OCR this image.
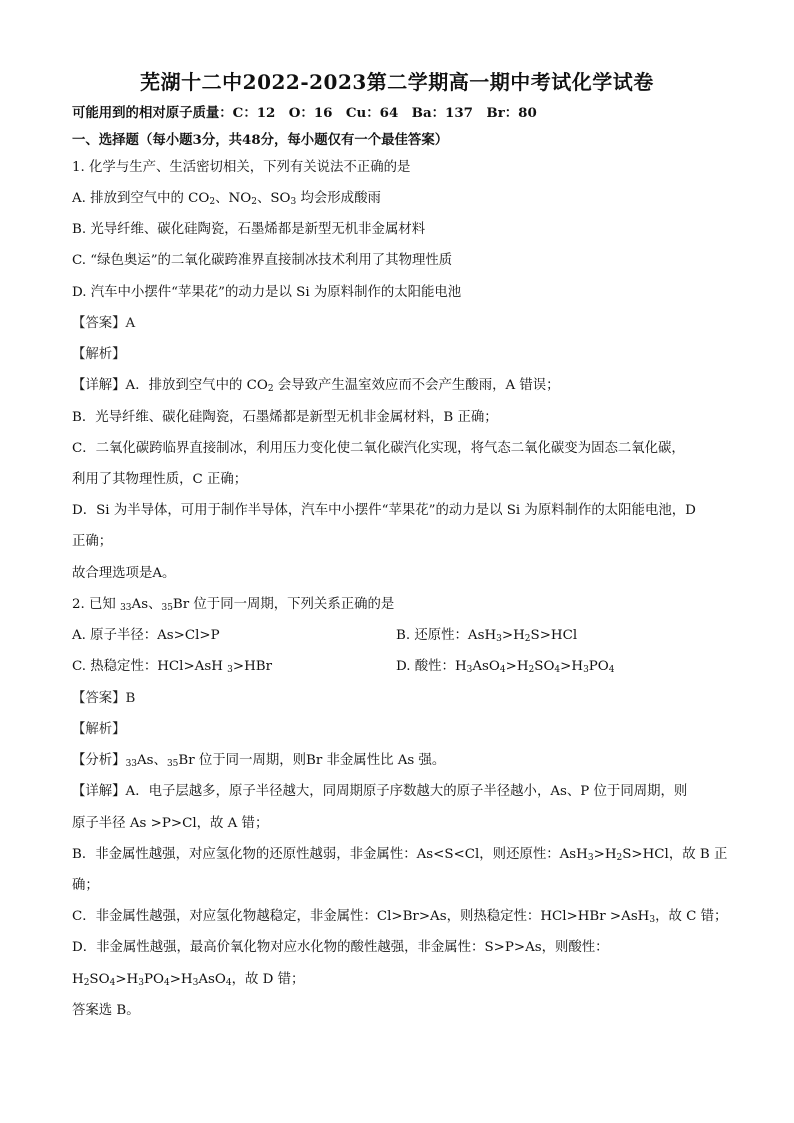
芜湖十二中2022-2023第二学期高一期中考试化学试卷
可能用到的相对原子质量：C：12　O：16　Cu：64　Ba：137　Br：80
一、选择题（每小题3分，共48分，每小题仅有一个最佳答案）
1. 化学与生产、生活密切相关，下列有关说法不正确的是
A. 排放到空气中的 $CO_2$、$NO_2$、$SO_3$ 均会形成酸雨
B. 光导纤维、碳化硅陶瓷，石墨烯都是新型无机非金属材料
C. “绿色奥运”的二氧化碳跨准界直接制冰技术利用了其物理性质
D. 汽车中小摆件“苹果花”的动力是以 Si 为原料制作的太阳能电池
【答案】A
【解析】
【详解】A．排放到空气中的 $CO_2$ 会导致产生温室效应而不会产生酸雨，A 错误；
B．光导纤维、碳化硅陶瓷，石墨烯都是新型无机非金属材料，B 正确；
C．二氧化碳跨临界直接制冰，利用压力变化使二氧化碳汽化实现，将气态二氧化碳变为固态二氧化碳，
利用了其物理性质，C 正确；
D．Si 为半导体，可用于制作半导体，汽车中小摆件“苹果花”的动力是以 Si 为原料制作的太阳能电池，D
正确；
故合理选项是A。
2. 已知 $_{33}$As、$_{35}$Br 位于同一周期，下列关系正确的是
A. 原子半径：As>Cl>P	B. 还原性：$AsH_3>H_2S>HCl$
C. 热稳定性：HCl>AsH $_3$>HBr	D. 酸性：$H_3AsO_4>H_2SO_4>H_3PO_4$
【答案】B
【解析】
【分析】$_{33}$As、$_{35}$Br 位于同一周期，则Br 非金属性比 As 强。
【详解】A．电子层越多，原子半径越大，同周期原子序数越大的原子半径越小，As、P 位于同周期，则
原子半径 As >P>Cl，故 A 错；
B．非金属性越强，对应氢化物的还原性越弱，非金属性：As<S<Cl，则还原性：$AsH_3>H_2S>HCl$，故 B 正
确；
C．非金属性越强，对应氢化物越稳定，非金属性：Cl>Br>As，则热稳定性：HCl>HBr >AsH$_3$，故 C 错；
D．非金属性越强，最高价氧化物对应水化物的酸性越强，非金属性：S>P>As，则酸性：
$H_2SO_4>H_3PO_4>H_3AsO_4$，故 D 错；
答案选 B。
